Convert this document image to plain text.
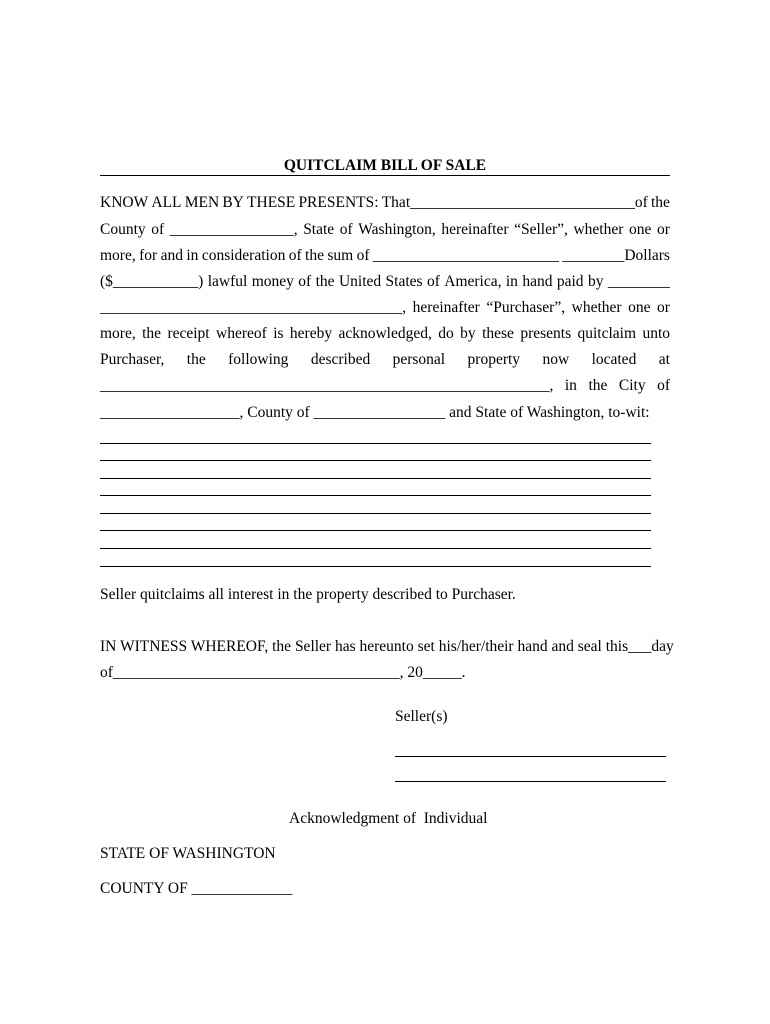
QUITCLAIM BILL OF SALE
KNOW ALL MEN BY THESE PRESENTS: That_____________________________of the
County of ________________, State of Washington, hereinafter “Seller”, whether one or
more, for and in consideration of the sum of ________________________ ________Dollars
($___________) lawful money of the United States of America, in hand paid by ________
_______________________________________, hereinafter “Purchaser”, whether one or
more, the receipt whereof is hereby acknowledged, do by these presents quitclaim unto
Purchaser, the following described personal property now located at
__________________________________________________________, in the City of
__________________, County of _________________ and State of Washington, to-wit:
Seller quitclaims all interest in the property described to Purchaser.
IN WITNESS WHEREOF, the Seller has hereunto set his/her/their hand and seal this___day
of_____________________________________, 20_____.
Seller(s)
Acknowledgment of  Individual
STATE OF WASHINGTON
COUNTY OF _____________
